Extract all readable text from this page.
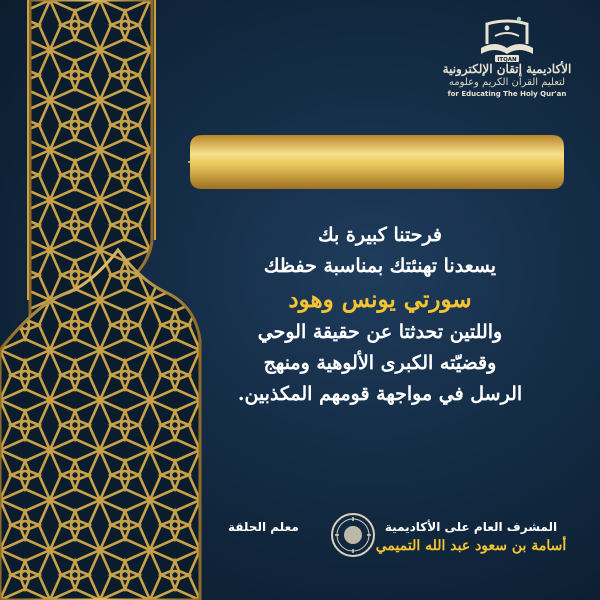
ITQAN
الأكاديمية إتقان الإلكترونية
لتعليم القرآن الكريم وعلومه
for Educating The Holy Qur'an
فرحتنا كبيرة بك
يسعدنا تهنئتك بمناسبة حفظك
سورتي يونس وهود
واللتين تحدثتا عن حقيقة الوحي
وقضيّته الكبرى الألوهية ومنهج
الرسل في مواجهة قومهم المكذبين.
معلم الحلقة	المشرف العام على الأكاديمية
أسامة بن سعود عبد الله التميمي
